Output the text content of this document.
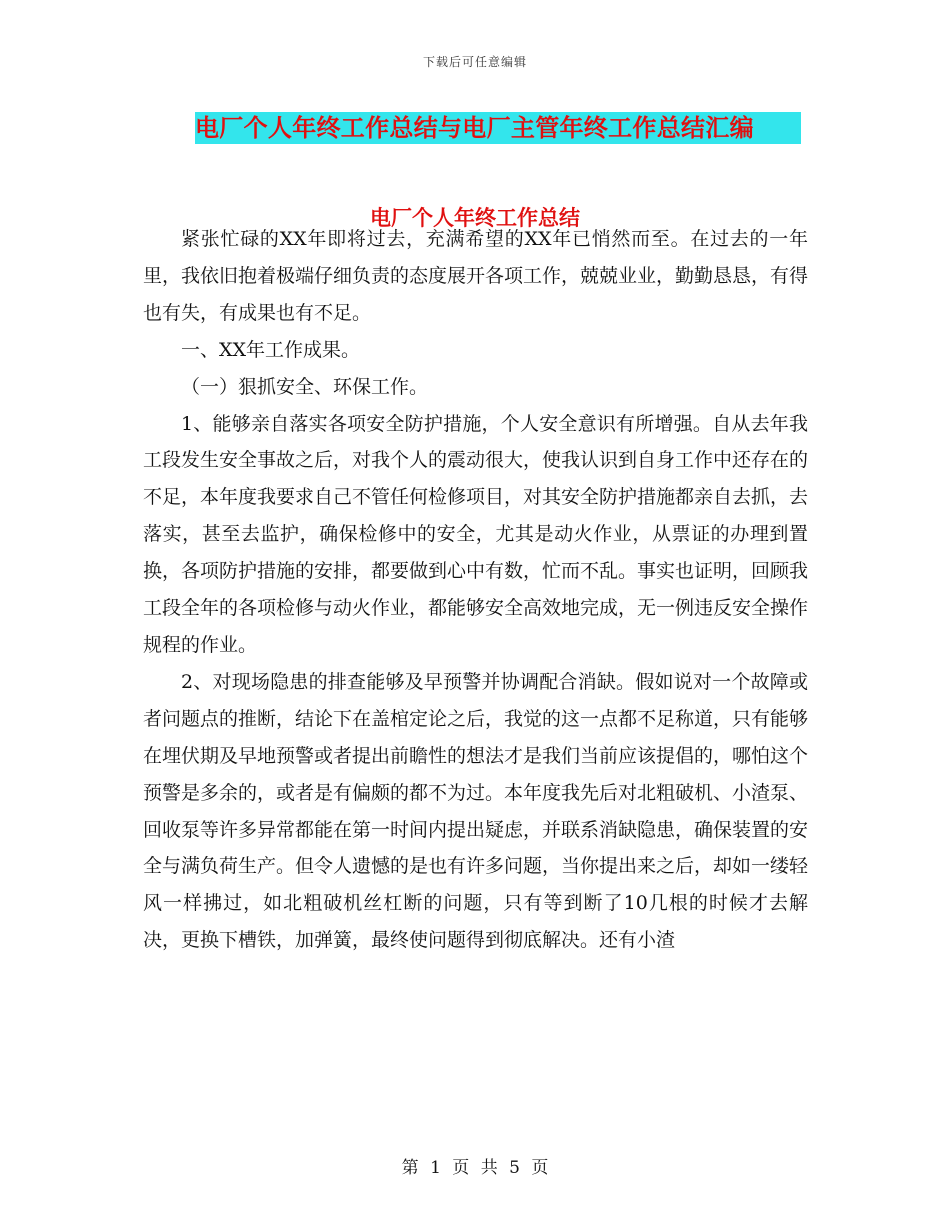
下载后可任意编辑
电厂个人年终工作总结与电厂主管年终工作总结汇编
电厂个人年终工作总结

紧张忙碌的XX年即将过去，充满希望的XX年已悄然而至。在过去的一年里，我依旧抱着极端仔细负责的态度展开各项工作，兢兢业业，勤勤恳恳，有得也有失，有成果也有不足。

一、XX年工作成果。

（一）狠抓安全、环保工作。

1、能够亲自落实各项安全防护措施，个人安全意识有所增强。自从去年我工段发生安全事故之后，对我个人的震动很大，使我认识到自身工作中还存在的不足，本年度我要求自己不管任何检修项目，对其安全防护措施都亲自去抓，去落实，甚至去监护，确保检修中的安全，尤其是动火作业，从票证的办理到置换，各项防护措施的安排，都要做到心中有数，忙而不乱。事实也证明，回顾我工段全年的各项检修与动火作业，都能够安全高效地完成，无一例违反安全操作规程的作业。

2、对现场隐患的排查能够及早预警并协调配合消缺。假如说对一个故障或者问题点的推断，结论下在盖棺定论之后，我觉的这一点都不足称道，只有能够在埋伏期及早地预警或者提出前瞻性的想法才是我们当前应该提倡的，哪怕这个预警是多余的，或者是有偏颇的都不为过。本年度我先后对北粗破机、小渣泵、回收泵等许多异常都能在第一时间内提出疑虑，并联系消缺隐患，确保装置的安全与满负荷生产。但令人遗憾的是也有许多问题，当你提出来之后，却如一缕轻风一样拂过，如北粗破机丝杠断的问题，只有等到断了10几根的时候才去解决，更换下槽铁，加弹簧，最终使问题得到彻底解决。还有小渣

第 1 页 共 5 页
